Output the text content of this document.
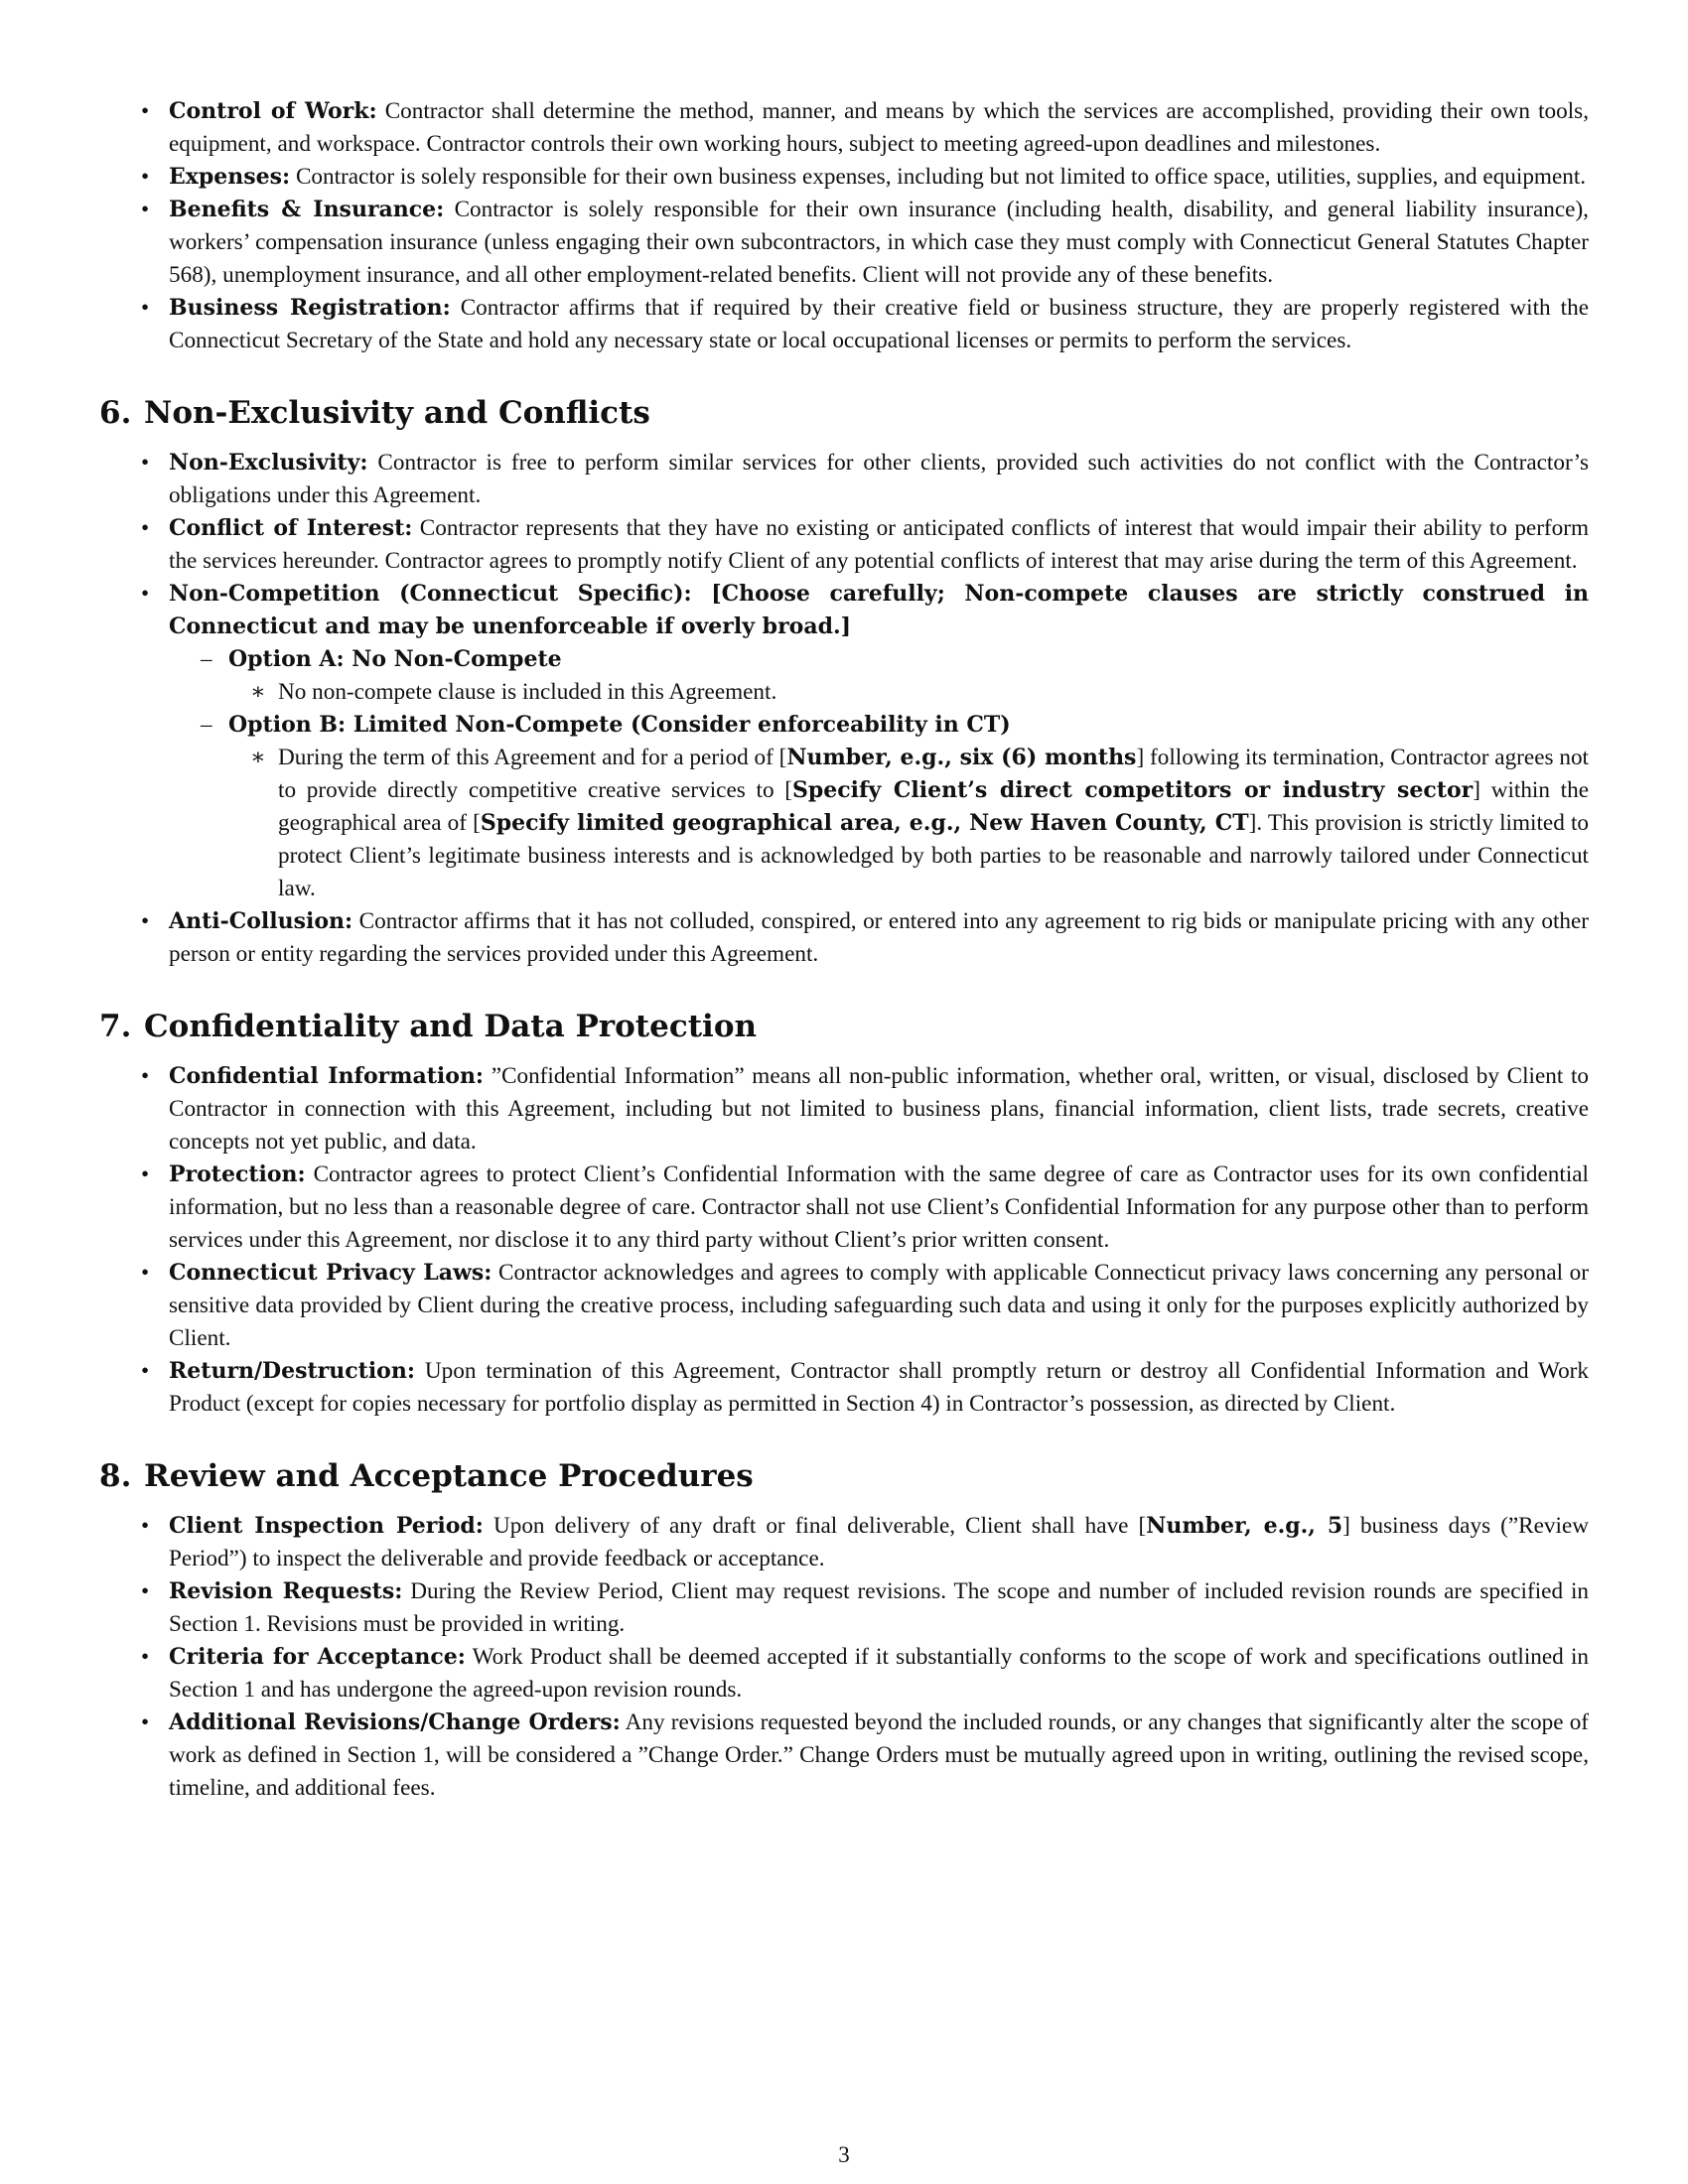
• Control of Work: Contractor shall determine the method, manner, and means by which the services are accomplished, providing their own tools, equipment, and workspace. Contractor controls their own working hours, subject to meeting agreed-upon deadlines and milestones.
• Expenses: Contractor is solely responsible for their own business expenses, including but not limited to office space, utilities, supplies, and equipment.
• Benefits & Insurance: Contractor is solely responsible for their own insurance (including health, disability, and general liability insurance), workers’ compensation insurance (unless engaging their own subcontractors, in which case they must comply with Connecticut General Statutes Chapter 568), unemployment insurance, and all other employment-related benefits. Client will not provide any of these benefits.
• Business Registration: Contractor affirms that if required by their creative field or business structure, they are properly registered with the Connecticut Secretary of the State and hold any necessary state or local occupational licenses or permits to perform the services.
6. Non-Exclusivity and Conflicts
• Non-Exclusivity: Contractor is free to perform similar services for other clients, provided such activities do not conflict with the Contractor’s obligations under this Agreement.
• Conflict of Interest: Contractor represents that they have no existing or anticipated conflicts of interest that would impair their ability to perform the services hereunder. Contractor agrees to promptly notify Client of any potential conflicts of interest that may arise during the term of this Agreement.
• Non-Competition (Connecticut Specific): [Choose carefully; Non-compete clauses are strictly construed in Connecticut and may be unenforceable if overly broad.]
– Option A: No Non-Compete
∗ No non-compete clause is included in this Agreement.
– Option B: Limited Non-Compete (Consider enforceability in CT)
∗ During the term of this Agreement and for a period of [Number, e.g., six (6) months] following its termination, Contractor agrees not to provide directly competitive creative services to [Specify Client’s direct competitors or industry sector] within the geographical area of [Specify limited geographical area, e.g., New Haven County, CT]. This provision is strictly limited to protect Client’s legitimate business interests and is acknowledged by both parties to be reasonable and narrowly tailored under Connecticut law.
• Anti-Collusion: Contractor affirms that it has not colluded, conspired, or entered into any agreement to rig bids or manipulate pricing with any other person or entity regarding the services provided under this Agreement.
7. Confidentiality and Data Protection
• Confidential Information: ”Confidential Information” means all non-public information, whether oral, written, or visual, disclosed by Client to Contractor in connection with this Agreement, including but not limited to business plans, financial information, client lists, trade secrets, creative concepts not yet public, and data.
• Protection: Contractor agrees to protect Client’s Confidential Information with the same degree of care as Contractor uses for its own confidential information, but no less than a reasonable degree of care. Contractor shall not use Client’s Confidential Information for any purpose other than to perform services under this Agreement, nor disclose it to any third party without Client’s prior written consent.
• Connecticut Privacy Laws: Contractor acknowledges and agrees to comply with applicable Connecticut privacy laws concerning any personal or sensitive data provided by Client during the creative process, including safeguarding such data and using it only for the purposes explicitly authorized by Client.
• Return/Destruction: Upon termination of this Agreement, Contractor shall promptly return or destroy all Confidential Information and Work Product (except for copies necessary for portfolio display as permitted in Section 4) in Contractor’s possession, as directed by Client.
8. Review and Acceptance Procedures
• Client Inspection Period: Upon delivery of any draft or final deliverable, Client shall have [Number, e.g., 5] business days (”Review Period”) to inspect the deliverable and provide feedback or acceptance.
• Revision Requests: During the Review Period, Client may request revisions. The scope and number of included revision rounds are specified in Section 1. Revisions must be provided in writing.
• Criteria for Acceptance: Work Product shall be deemed accepted if it substantially conforms to the scope of work and specifications outlined in Section 1 and has undergone the agreed-upon revision rounds.
• Additional Revisions/Change Orders: Any revisions requested beyond the included rounds, or any changes that significantly alter the scope of work as defined in Section 1, will be considered a ”Change Order.” Change Orders must be mutually agreed upon in writing, outlining the revised scope, timeline, and additional fees.
3
